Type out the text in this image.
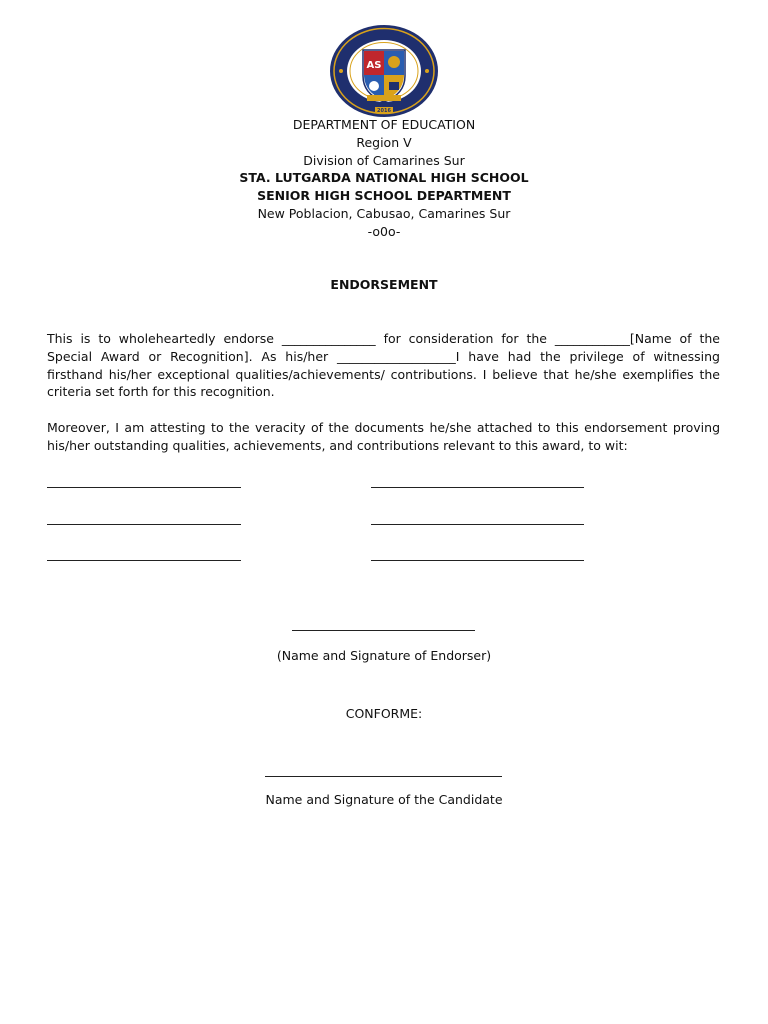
AS
2016
DEPARTMENT OF EDUCATION
Region V
Division of Camarines Sur
STA. LUTGARDA NATIONAL HIGH SCHOOL
SENIOR HIGH SCHOOL DEPARTMENT
New Poblacion, Cabusao, Camarines Sur
-o0o-
ENDORSEMENT
This is to wholeheartedly endorse _______________ for consideration for the ____________[Name of the Special Award or Recognition]. As his/her ___________________I have had the privilege of witnessing firsthand his/her exceptional qualities/achievements/ contributions. I believe that he/she exemplifies the criteria set forth for this recognition.
Moreover, I am attesting to the veracity of the documents he/she attached to this endorsement proving his/her outstanding qualities, achievements, and contributions relevant to this award, to wit:
(Name and Signature of Endorser)
CONFORME:
Name and Signature of the Candidate
